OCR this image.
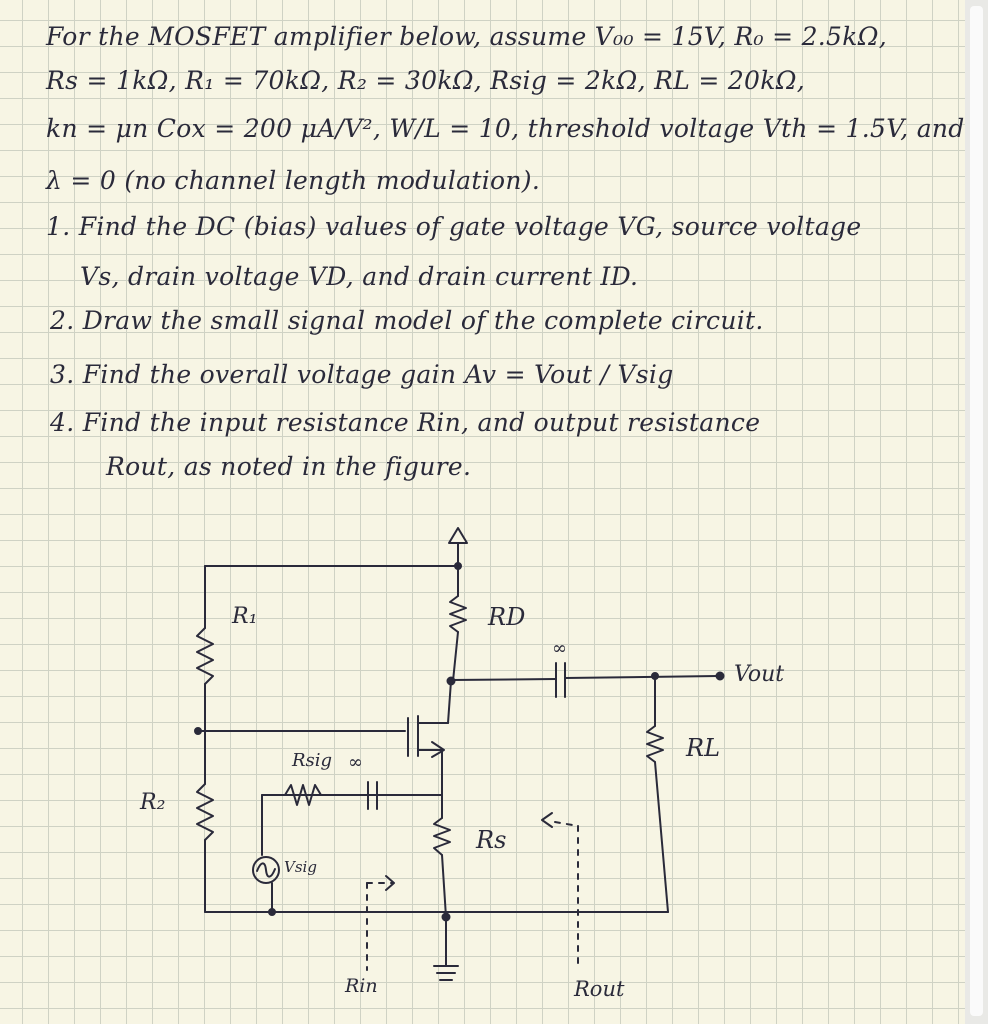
For the MOSFET amplifier below, assume V₀₀ = 15V, R₀ = 2.5kΩ,

Rs = 1kΩ, R₁ = 70kΩ, R₂ = 30kΩ, Rsig = 2kΩ, RL = 20kΩ,

kn = μn Cox = 200 μA/V², W/L = 10, threshold voltage Vth = 1.5V, and

λ = 0 (no channel length modulation).

1. Find the DC (bias) values of gate voltage VG, source voltage

Vs, drain voltage VD, and drain current ID.

2. Draw the small signal model of the complete circuit.

3. Find the overall voltage gain Av = Vout / Vsig

4. Find the input resistance Rin, and output resistance

Rout, as noted in the figure.

R₁
R₂
RD
Rs
RL
Rsig ∞
∞
Vsig
Vout
Rin	Rout
